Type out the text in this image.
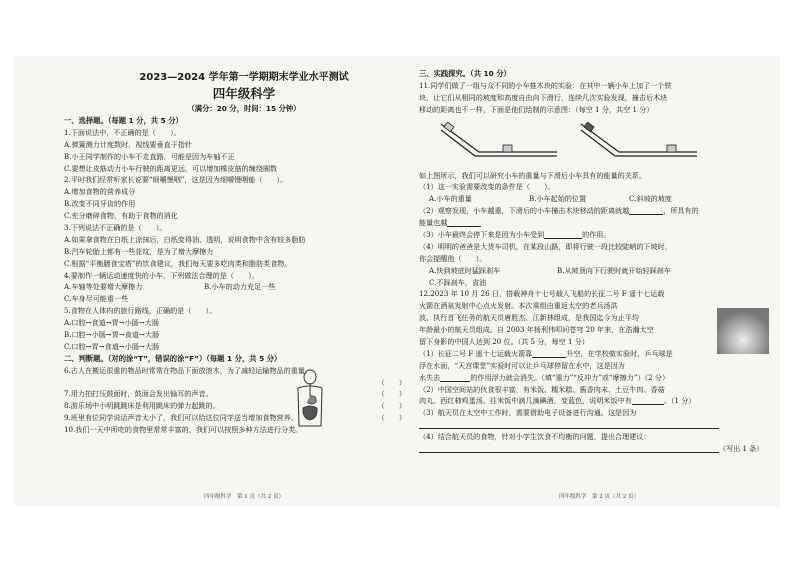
2023—2024 学年第一学期期末学业水平测试
四年级科学
（满分：20 分，时间：15 分钟）
一、选择题。（每题 1 分，共 5 分）
1.下面说法中，不正确的是（　　）。
A.弹簧测力计度数时，视线要垂直于指针
B.小王同学制作的小车不走直路，可能是因为车轴不正
C.要想让皮筋动力小车行驶的距离更远，可以增加橡皮筋的缠绕圈数
2.平时我们经常听家长说要“细嚼慢咽”，这是因为细嚼慢咽能（　　）。
A.增加食物的营养成分
B.改变不同牙齿的作用
C.充分磨碎食物，有助于食物的消化
3.下列说法不正确的是（　　）。
A.如果拿食物在白纸上涂抹后，白纸变得油、透明，说明食物中含有较多脂肪
B.汽车轮胎上都有一些花纹，是为了增大摩擦力
C.根据“平衡膳食宝塔”的饮食建议，我们每天要多吃肉类和脂肪类食物。
4.要制作一辆运动速度快的小车，下列做法合理的是（　　）。
A.车轴等处要增大摩擦力	B.小车的动力充足一些
C.车身尽可能重一些
5.食物在人体内的旅行路线，正确的是（　　）。
A.口腔→食道→胃→小肠→大肠
B.口腔→小肠→胃→食道→大肠
C.口腔→胃→食道→小肠→大肠
二、判断题。（对的涂“T”，错误的涂“F”）（每题 1 分，共 5 分）
6.古人在搬运很重的物品时常常在物品下面放滚木，为了减轻运输物品的重量。
（　　）
7.用力拍打压鼓面时，鼓面会发出愉耳的声音。	（　　）
8.游乐场中小明跳跳床是利用跳床的弹力起跳的。	（　　）
9.班里有位同学说话声音太小了，我们可以给这位同学送当增加食物营养。	（　　）
10.我们一天中所吃的食物里常常丰富的，我们可以按照多种方法进行分类。
四年级科学　第 1 页（共 2 页）
三、实践探究。（共 10 分）
11.同学们做了一组与众不同的小车推木块的实验：在其中一辆小车上加了一个铁
块，让它们从相同的坡度和高度自由向下滑行，连续几次实验发现，撞击后木块
移动的距离也不一样，下面是他们绘制的示意图：（每空 1 分，共空 1 分）
如上图所示，我们可以研究小车的重量与下滑后小车具有的能量的关系。
（1）这一实验需要改变的条件是（　　）。
A.小车的重量	B.小车起始的位置	C.斜坡的坡度
（2）观察发现，小车越重，下滑后的小车撞击木块移动的距离就越	，所具有的
能量也越
（3）小车最终会停下来是因为小车受到	的作用。
（4）明明的爸爸是大货车司机，在某段山路，即将行驶一段比较陡峭的下坡时，
你会提醒他（　　）。
A.快到坡底时猛踩刹车	B.从坡顶向下行驶时就开始轻踩刹车
C.不踩刹车，省油
12.2023 年 10 月 26 日，搭载神舟十七号载人飞船的长征二号 F 遥十七运载
火箭在酒泉发射中心点火发射。本次乘组由重返太空的老兵汤洪
波、执行首飞任务的航天员唐胜杰、江新林组成，是我国迄今为止平均
年龄最小的航天员组成。自 2003 年杨利伟叩问苍穹 20 年来，在浩瀚太空
留下身影的中国人达到 20 位。（共 5 分，每空 1 分）
（1）长征二号 F 遥十七运载火箭靠	升空，在学校做实验时，乒乓球是
浮在水面，“天宫课堂”实验时可以让乒乓球停留在水中，这是因为
水失去	的作用浮力就会消失。（填“重力”“反冲力”或“摩擦力”）（2 分）
（2）中国空间站的伙食很丰富，有米饭、糯米糕、酱香肉末、土豆牛肉、香菇
肉丸、西红柿鸡蛋汤。往米饭中滴几滴碘酒，变蓝色，说明米饭中有	。（1 分）
（3）航天员在太空中工作时，需要借助电子设备进行沟通。这是因为
（4）结合航天员的食物，针对小学生饮食不均衡的问题，提出合理建议：
（写出 1 条）
四年级科学　第 2 页（共 2 页）
